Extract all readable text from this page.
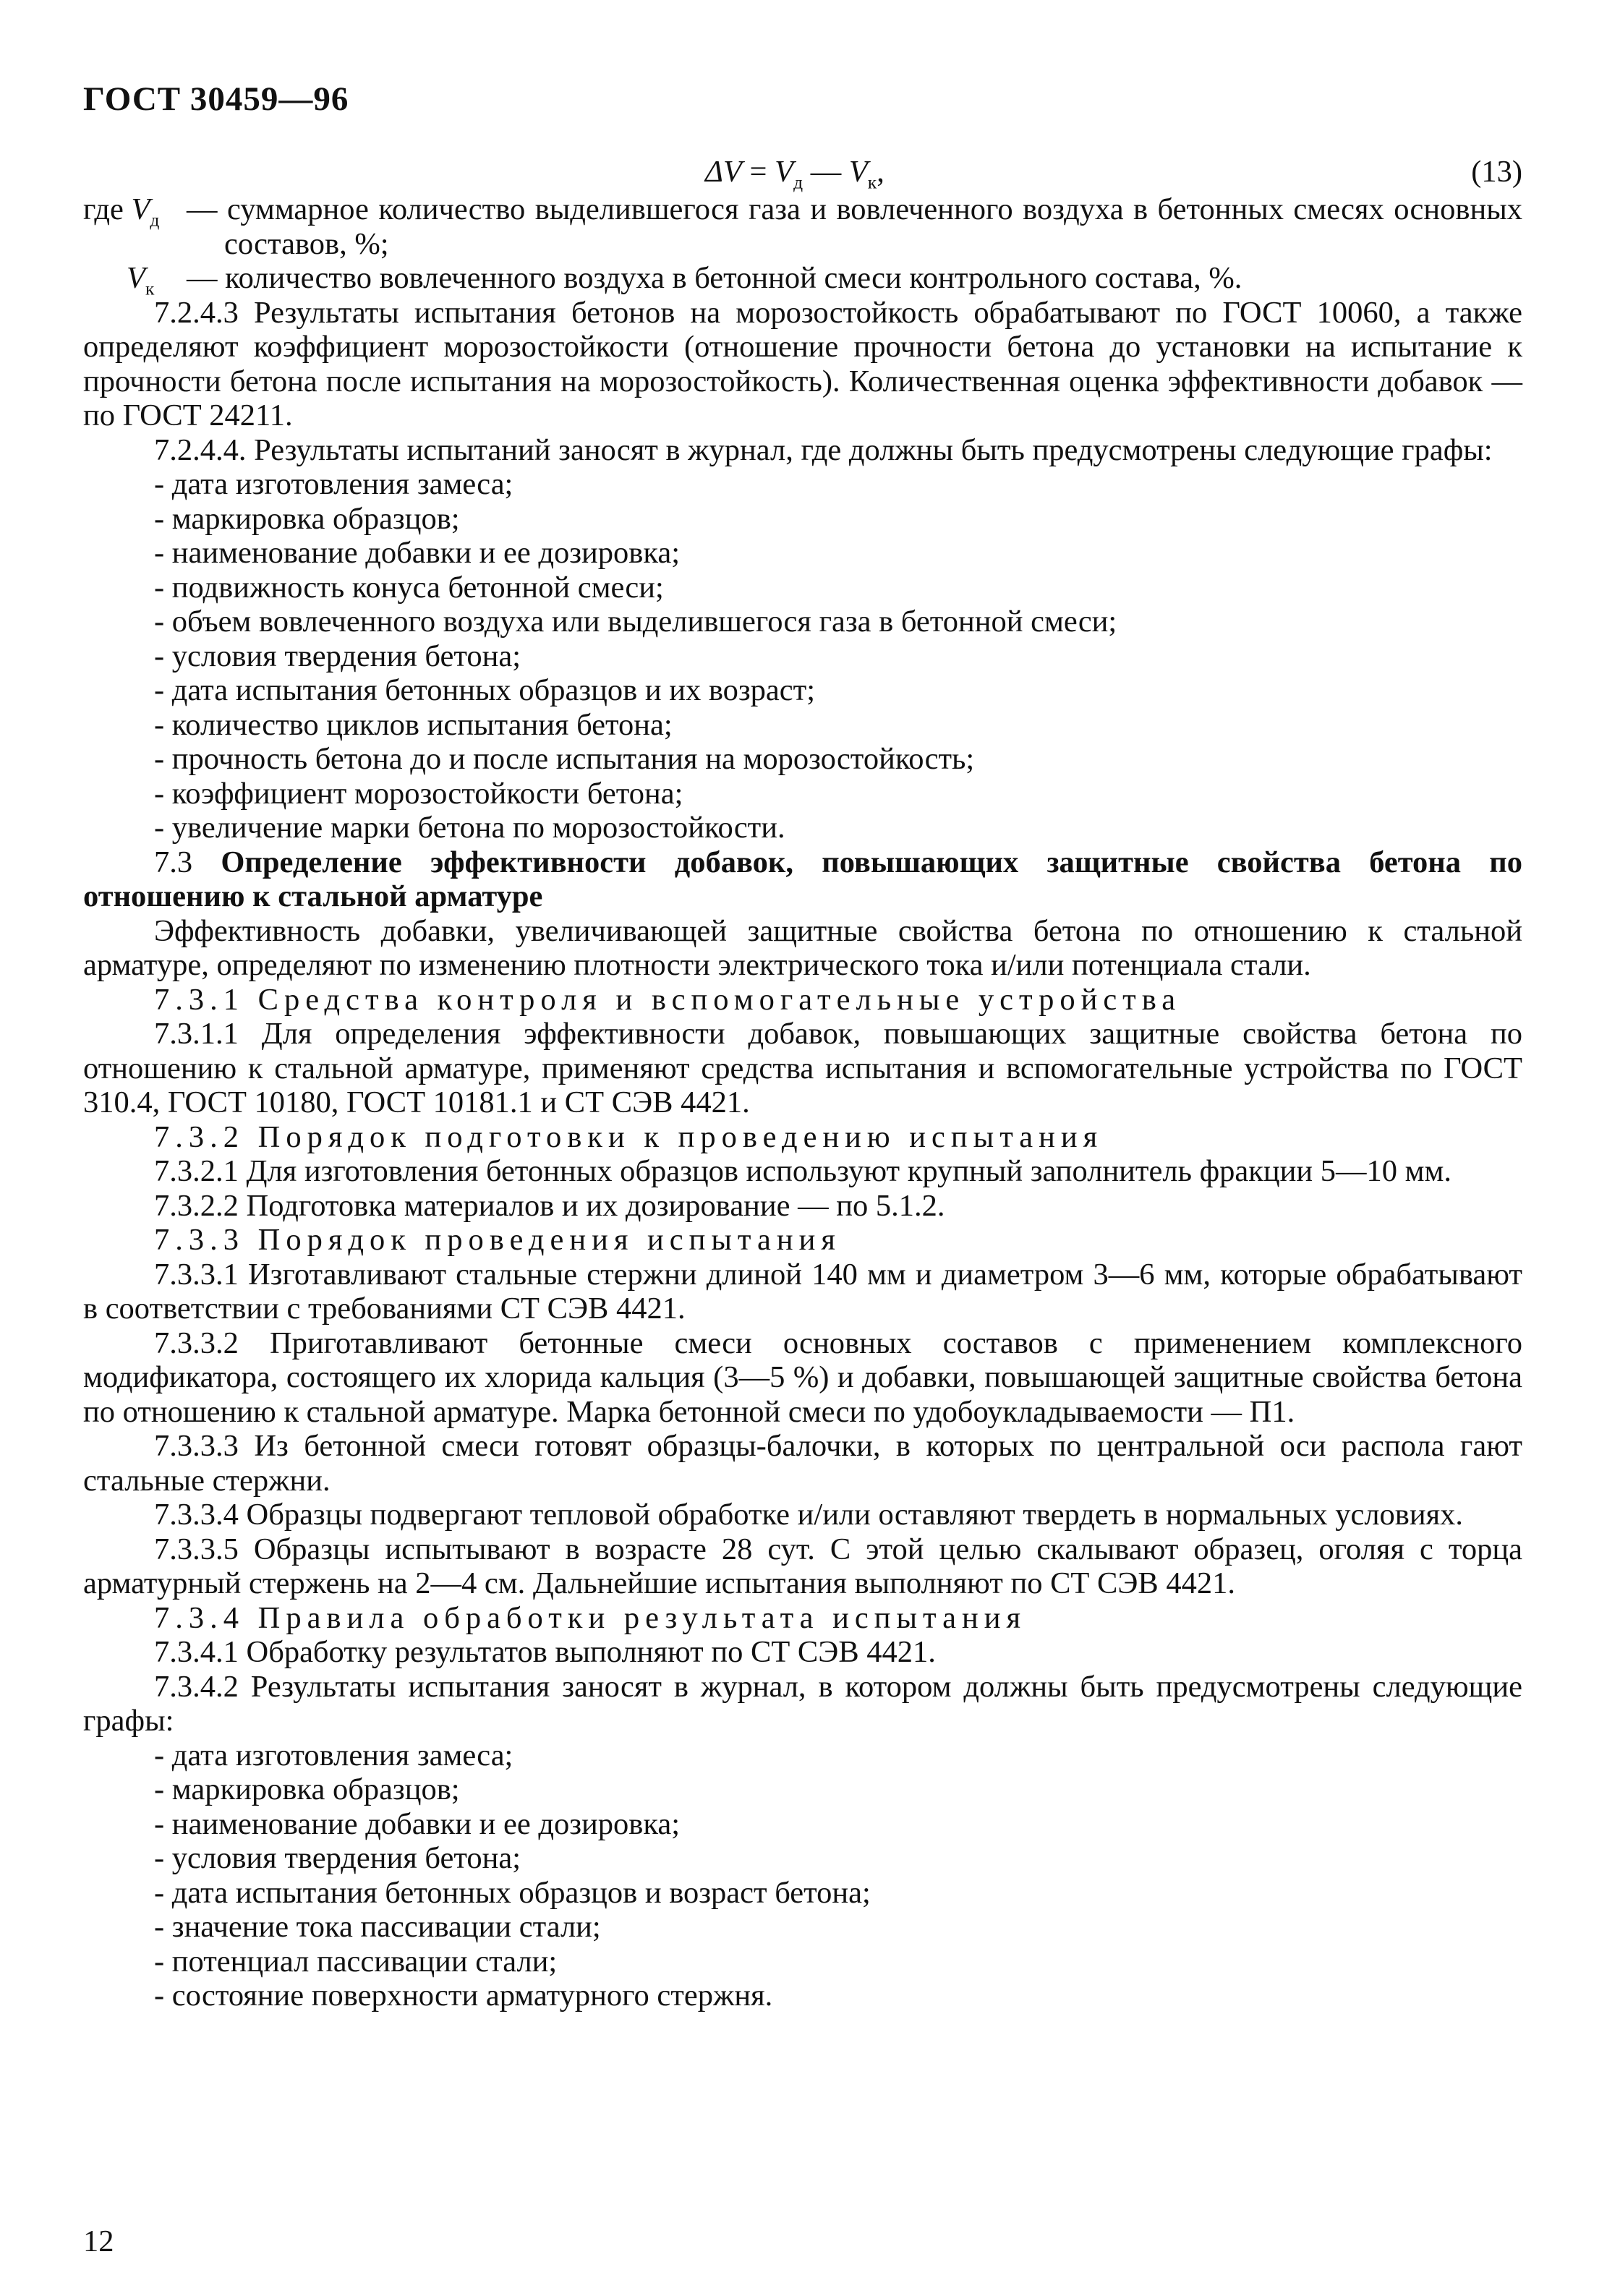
ГОСТ 30459—96
$\Delta V = V_д$ — $V_к$,	(13)

где $V_д$ — суммарное количество выделившегося газа и вовлеченного воздуха в бетонных смесях основных составов, %;

$V_к$ — количество вовлеченного воздуха в бетонной смеси контрольного состава, %.

7.2.4.3 Результаты испытания бетонов на морозостойкость обрабатывают по ГОСТ 10060, а также определяют коэффициент морозостойкости (отношение прочности бетона до установки на испытание к прочности бетона после испытания на морозостойкость). Количественная оценка эффективности добавок — по ГОСТ 24211.

7.2.4.4. Результаты испытаний заносят в журнал, где должны быть предусмотрены следующие графы:

- дата изготовления замеса;

- маркировка образцов;

- наименование добавки и ее дозировка;

- подвижность конуса бетонной смеси;

- объем вовлеченного воздуха или выделившегося газа в бетонной смеси;

- условия твердения бетона;

- дата испытания бетонных образцов и их возраст;

- количество циклов испытания бетона;

- прочность бетона до и после испытания на морозостойкость;

- коэффициент морозостойкости бетона;

- увеличение марки бетона по морозостойкости.

7.3 Определение эффективности добавок, повышающих защитные свойства бетона по отношению к стальной арматуре

Эффективность добавки, увеличивающей защитные свойства бетона по отношению к стальной арматуре, определяют по изменению плотности электрического тока и/или потенциала стали.

7.3.1 Средства контроля и вспомогательные устройства

7.3.1.1 Для определения эффективности добавок, повышающих защитные свойства бетона по отношению к стальной арматуре, применяют средства испытания и вспомогательные устройства по ГОСТ 310.4, ГОСТ 10180, ГОСТ 10181.1 и СТ СЭВ 4421.

7.3.2 Порядок подготовки к проведению испытания

7.3.2.1 Для изготовления бетонных образцов используют крупный заполнитель фракции 5—10 мм.

7.3.2.2 Подготовка материалов и их дозирование — по 5.1.2.

7.3.3 Порядок проведения испытания

7.3.3.1 Изготавливают стальные стержни длиной 140 мм и диаметром 3—6 мм, которые обрабатывают в соответствии с требованиями СТ СЭВ 4421.

7.3.3.2 Приготавливают бетонные смеси основных составов с применением комплексного модификатора, состоящего их хлорида кальция (3—5 %) и добавки, повышающей защитные свойства бетона по отношению к стальной арматуре. Марка бетонной смеси по удобоукладываемости — П1.

7.3.3.3 Из бетонной смеси готовят образцы-балочки, в которых по центральной оси распола гают стальные стержни.

7.3.3.4 Образцы подвергают тепловой обработке и/или оставляют твердеть в нормальных условиях.

7.3.3.5 Образцы испытывают в возрасте 28 сут. С этой целью скалывают образец, оголяя с торца арматурный стержень на 2—4 см. Дальнейшие испытания выполняют по СТ СЭВ 4421.

7.3.4 Правила обработки результата испытания

7.3.4.1 Обработку результатов выполняют по СТ СЭВ 4421.

7.3.4.2 Результаты испытания заносят в журнал, в котором должны быть предусмотрены следующие графы:

- дата изготовления замеса;

- маркировка образцов;

- наименование добавки и ее дозировка;

- условия твердения бетона;

- дата испытания бетонных образцов и возраст бетона;

- значение тока пассивации стали;

- потенциал пассивации стали;

- состояние поверхности арматурного стержня.

12
